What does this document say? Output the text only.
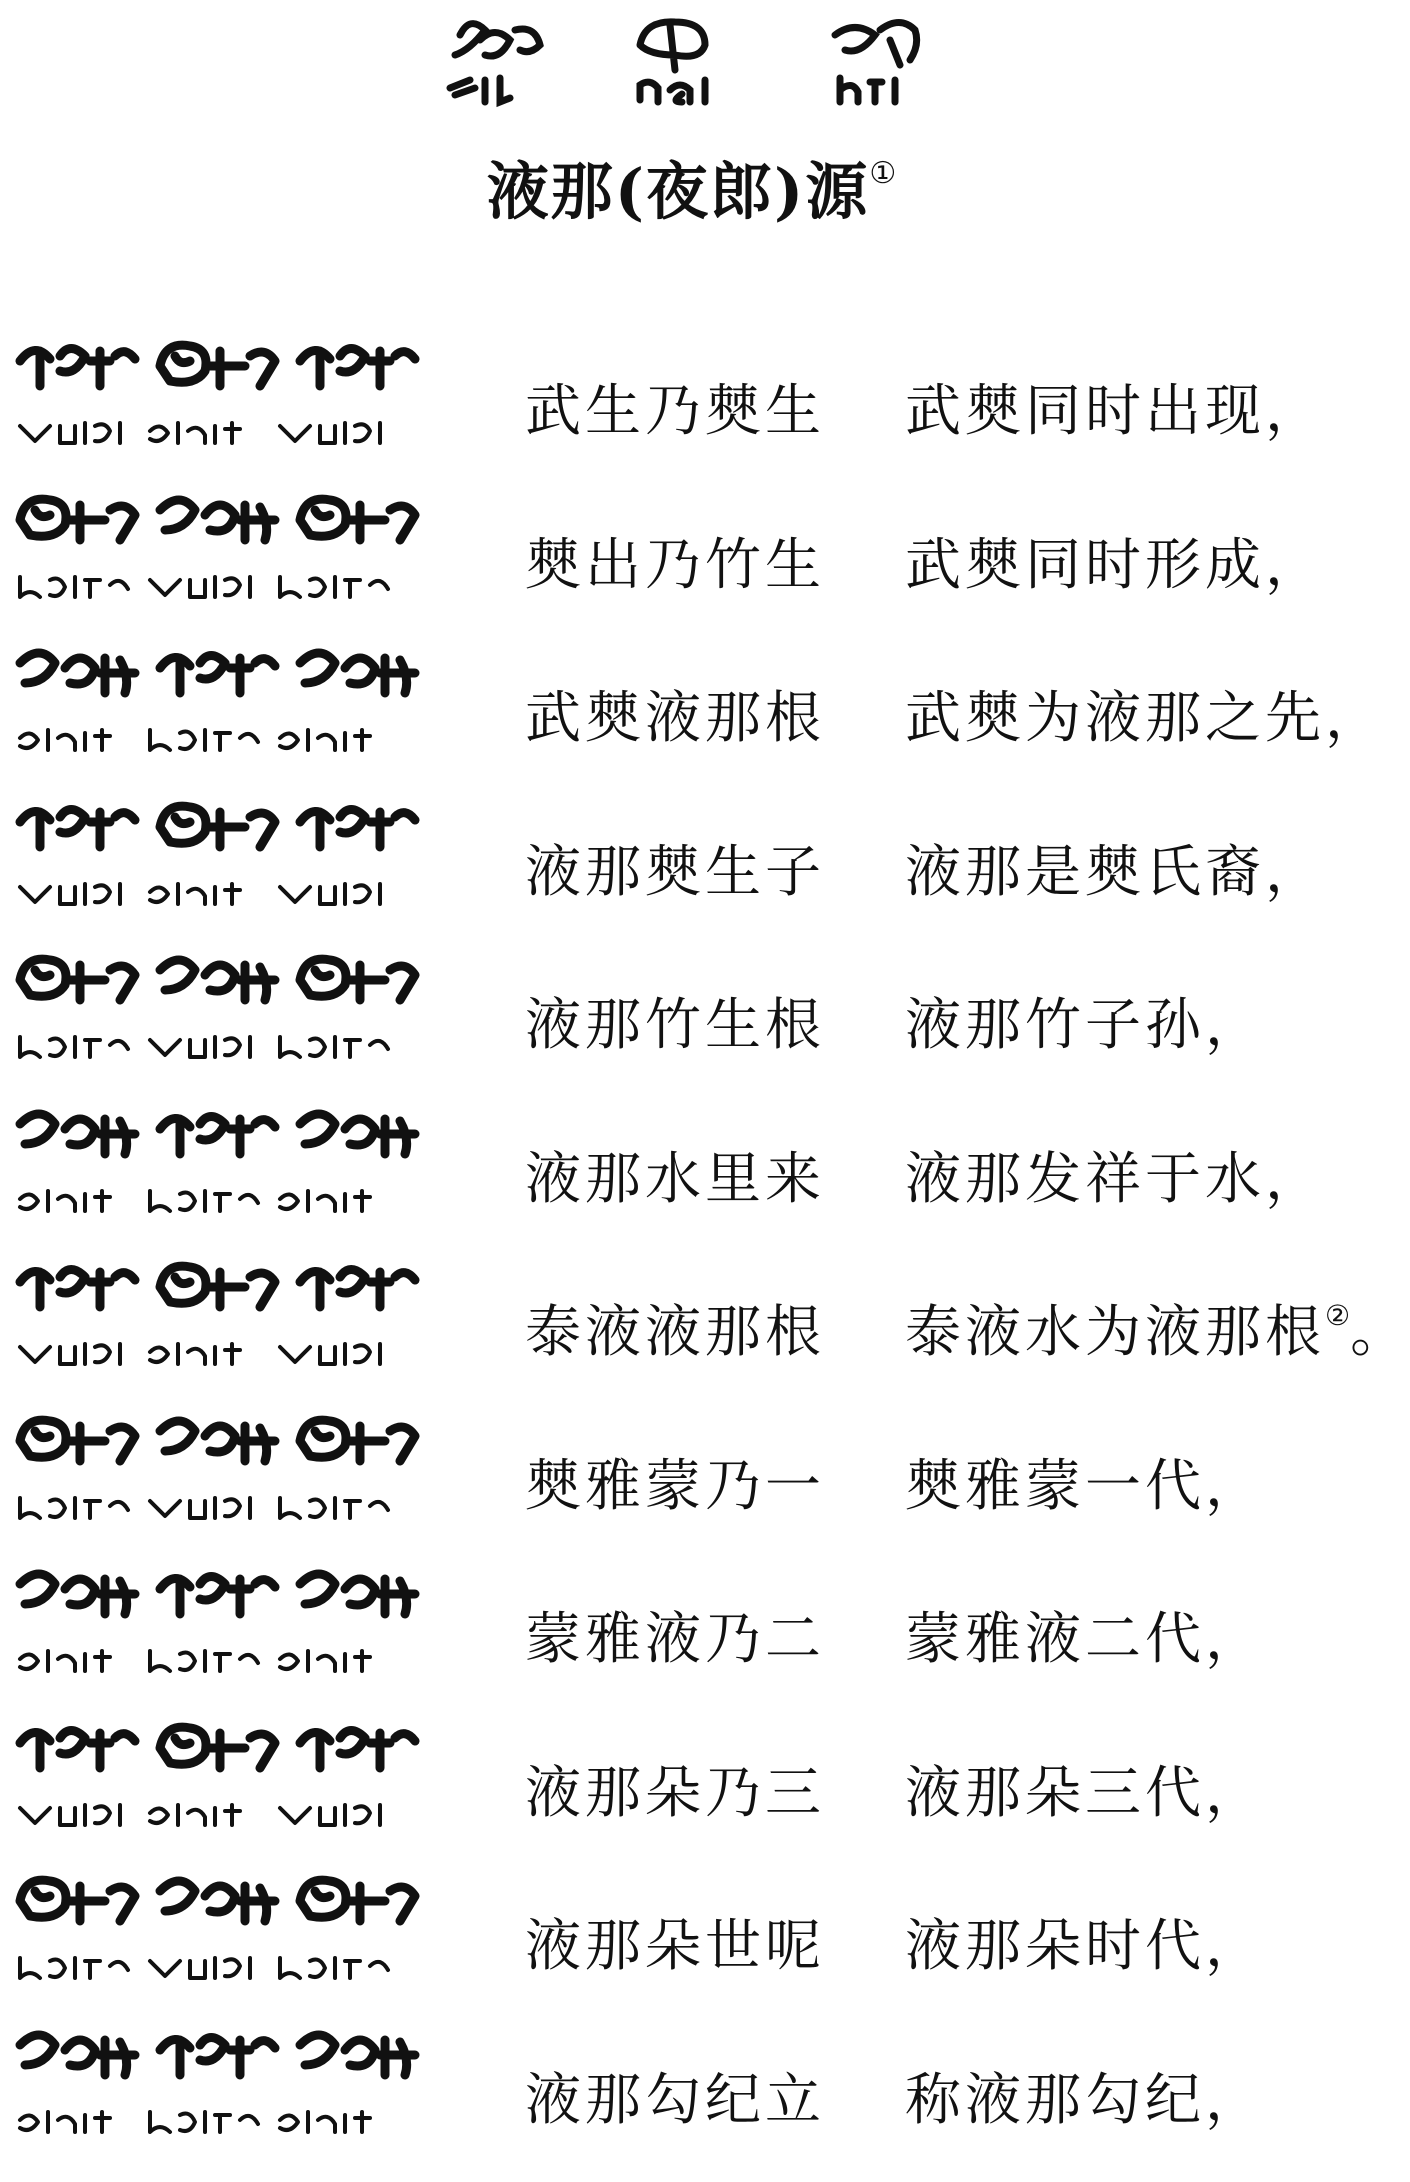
液那(夜郎)源①
武生乃僰生 武僰同时出现，
僰出乃竹生 武僰同时形成，
武僰液那根 武僰为液那之先，
液那僰生子 液那是僰氏裔，
液那竹生根 液那竹子孙，
液那水里来 液那发祥于水，
泰液液那根 泰液水为液那根②。
僰雅蒙乃一 僰雅蒙一代，
蒙雅液乃二 蒙雅液二代，
液那朵乃三 液那朵三代，
液那朵世呢 液那朵时代，
液那勾纪立 称液那勾纪，
